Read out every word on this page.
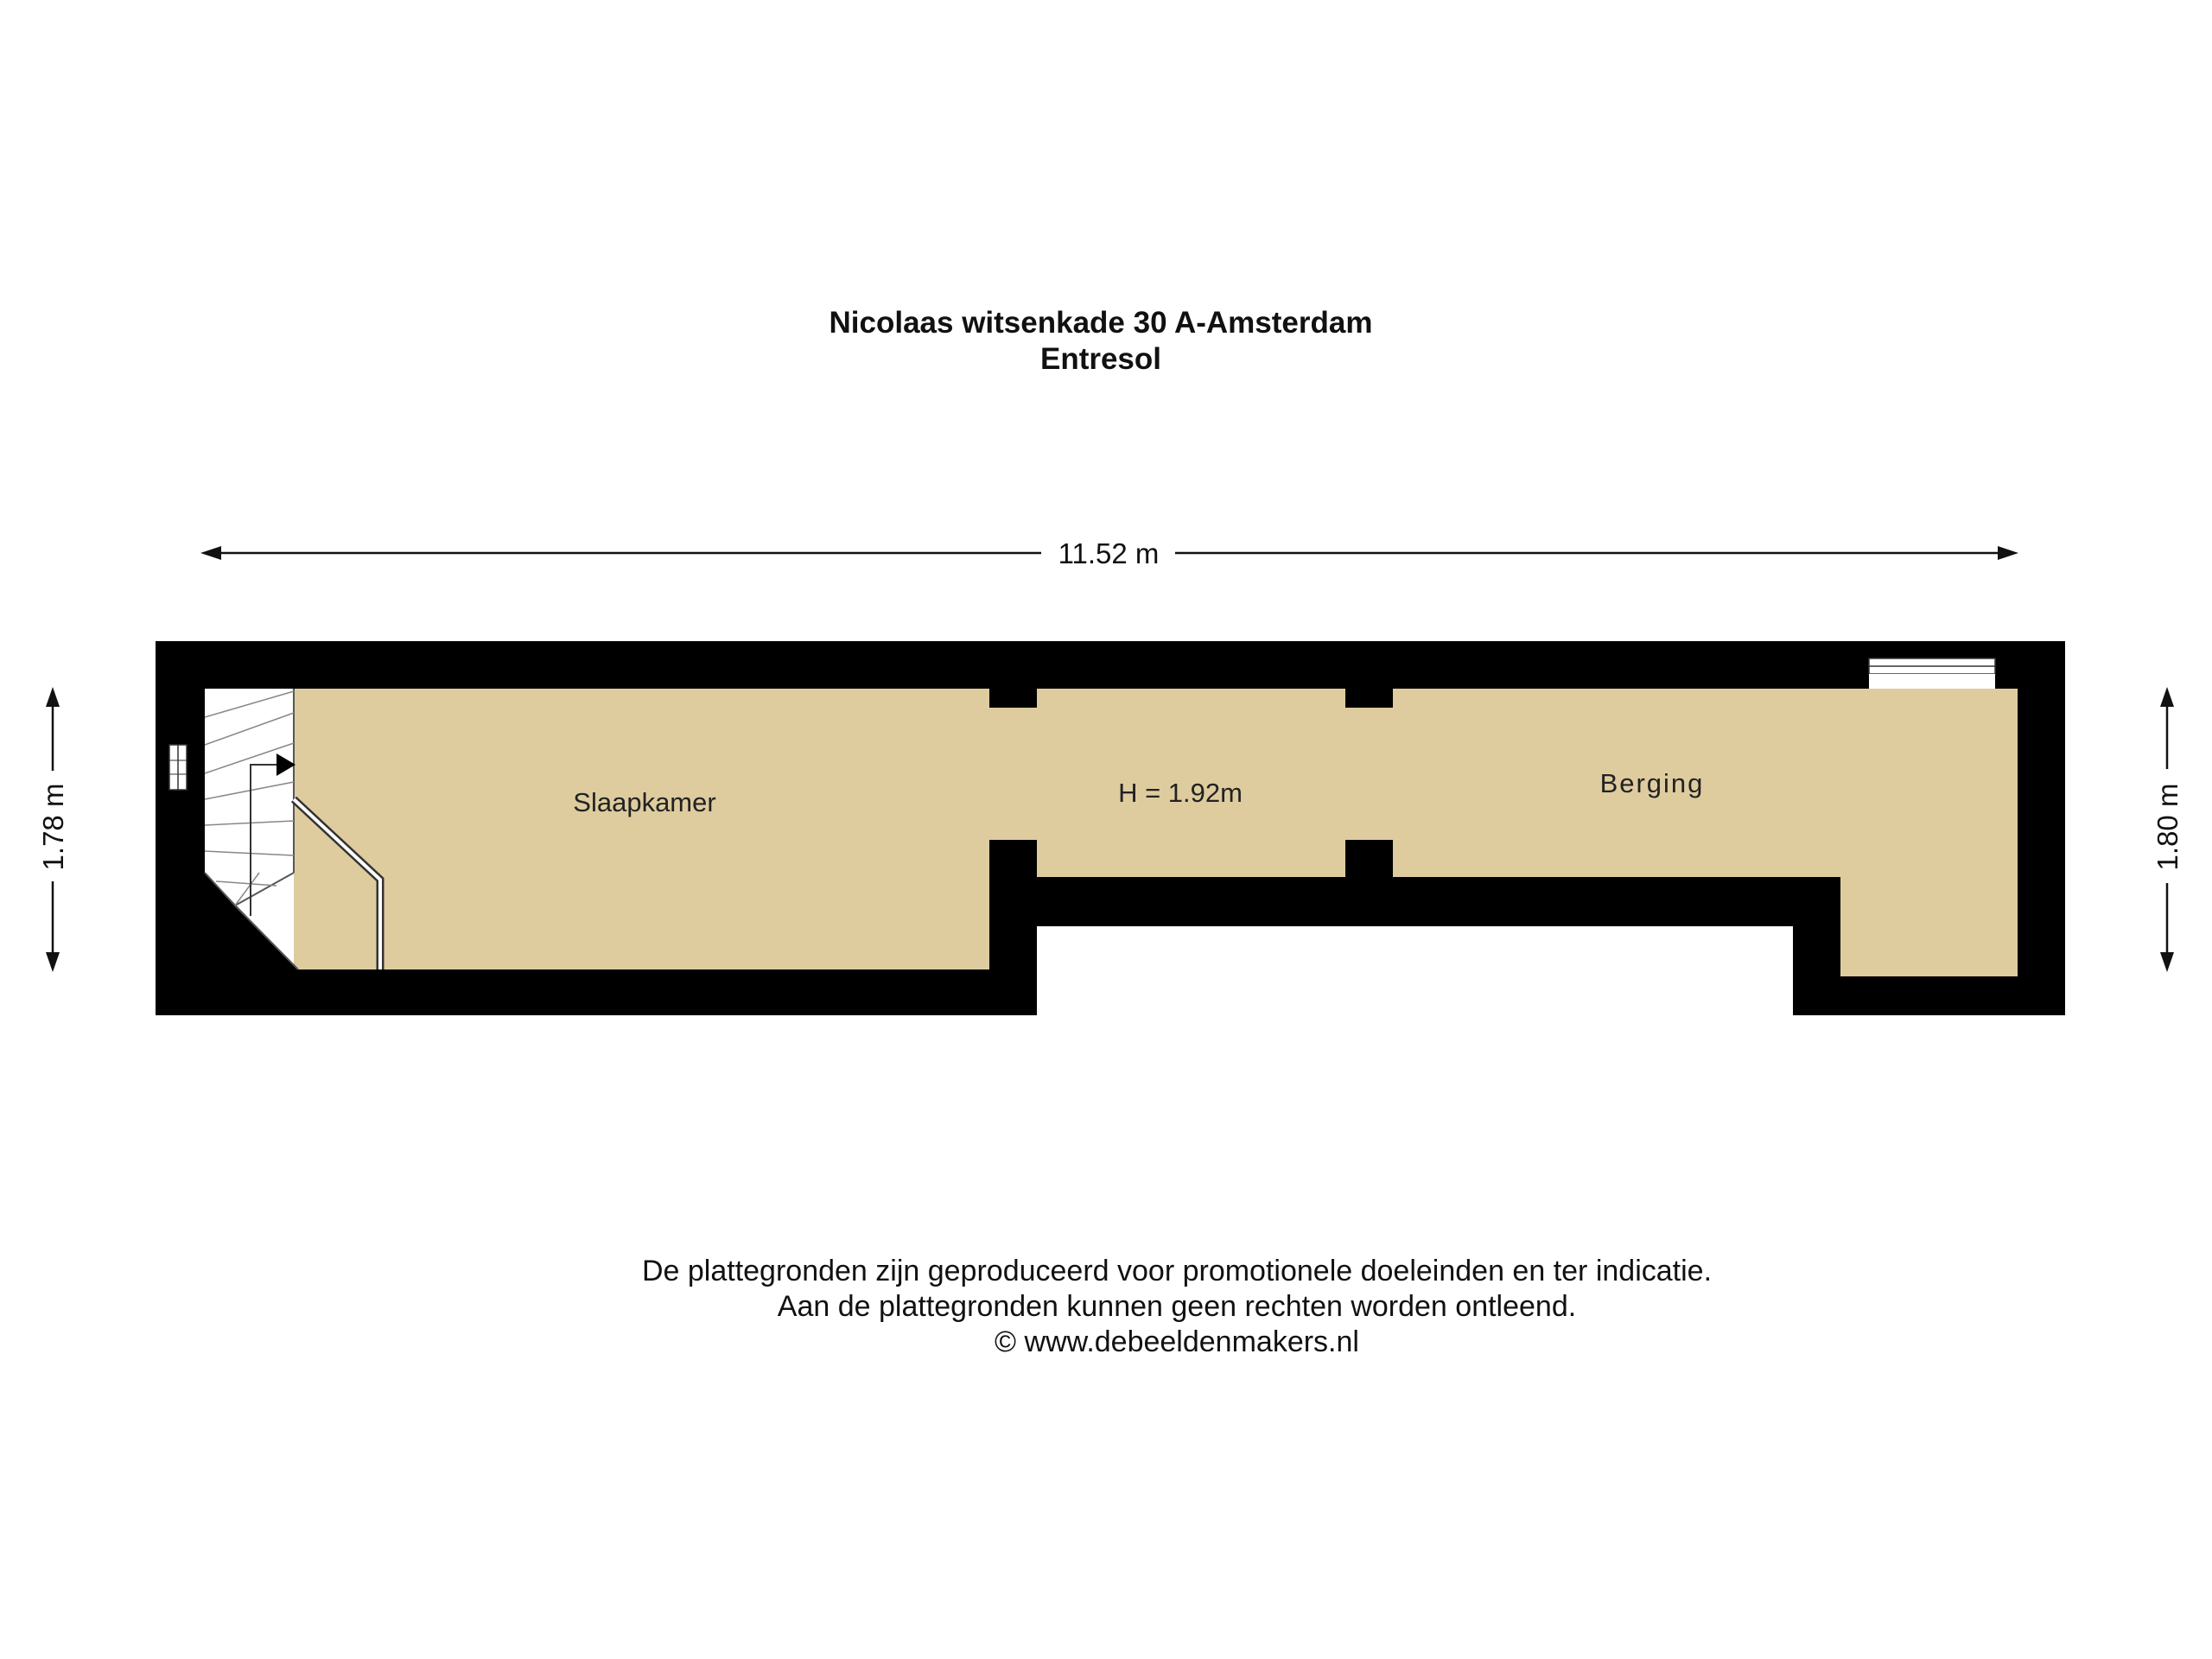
Nicolaas witsenkade 30 A-Amsterdam
Entresol
11.52 m
1.78 m	1.80 m
Slaapkamer	H = 1.92m	Berging
De plattegronden zijn geproduceerd voor promotionele doeleinden en ter indicatie.
Aan de plattegronden kunnen geen rechten worden ontleend.
© www.debeeldenmakers.nl
